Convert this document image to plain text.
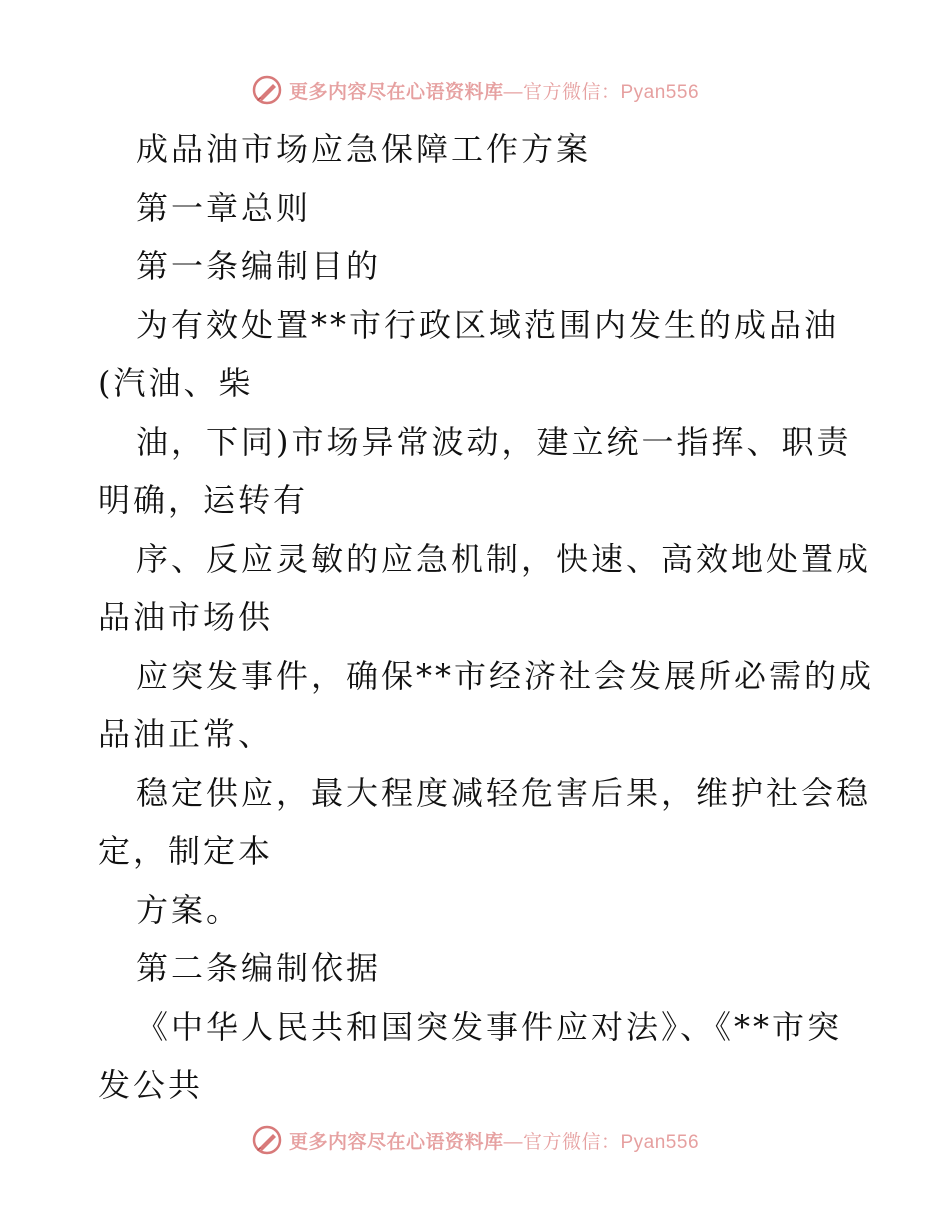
更多内容尽在心语资料库—官方微信：Pyan556
成品油市场应急保障工作方案
第一章总则
第一条编制目的
为有效处置**市行政区域范围内发生的成品油
(汽油、柴
油，下同)市场异常波动，建立统一指挥、职责
明确，运转有
序、反应灵敏的应急机制，快速、高效地处置成
品油市场供
应突发事件，确保**市经济社会发展所必需的成
品油正常、
稳定供应，最大程度减轻危害后果，维护社会稳
定，制定本
方案。
第二条编制依据
《中华人民共和国突发事件应对法》、《**市突
发公共
更多内容尽在心语资料库—官方微信：Pyan556
